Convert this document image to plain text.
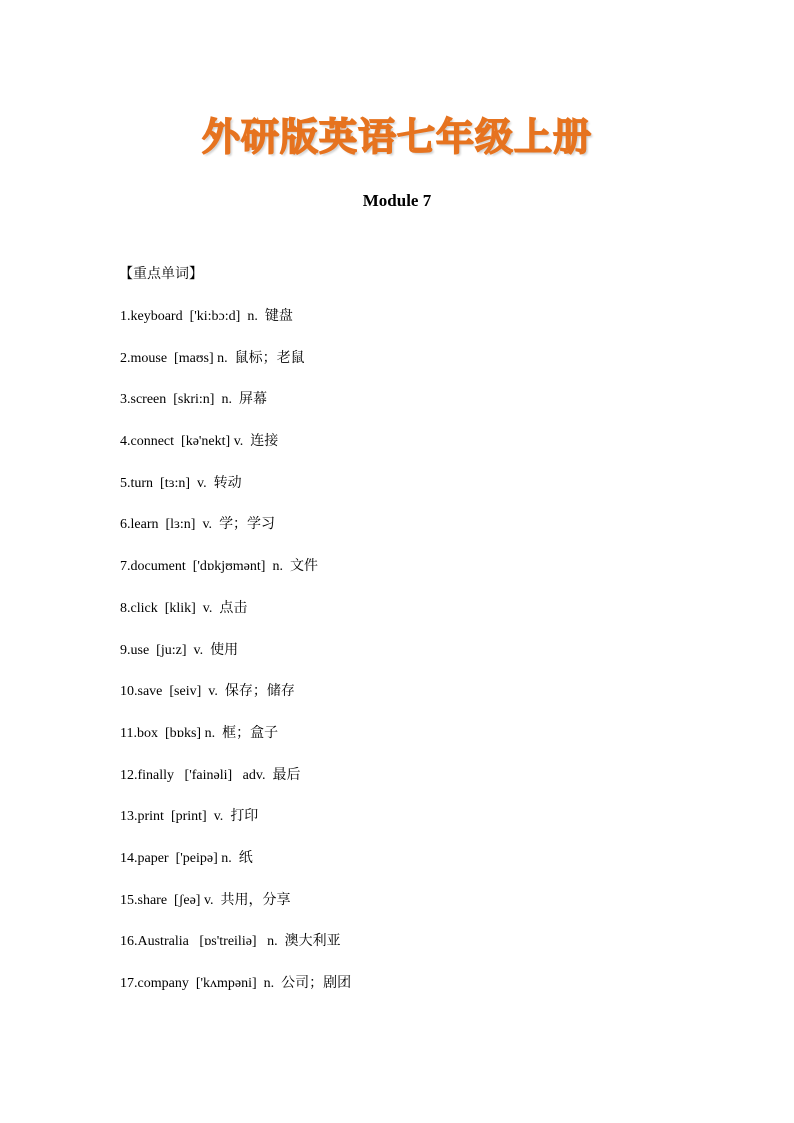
外研版英语七年级上册
Module 7
【重点单词】
1.keyboard  ['ki:bɔ:d]  n.  键盘
2.mouse  [maʊs] n.  鼠标；老鼠
3.screen  [skri:n]  n.  屏幕
4.connect  [kə'nekt] v.  连接
5.turn  [tɜ:n]  v.  转动
6.learn  [lɜ:n]  v.  学；学习
7.document  ['dɒkjʊmənt]  n.  文件
8.click  [klik]  v.  点击
9.use  [ju:z]  v.  使用
10.save  [seiv]  v.  保存；储存
11.box  [bɒks] n.  框；盒子
12.finally   ['fainəli]   adv.  最后
13.print  [print]  v.  打印
14.paper  ['peipə] n.  纸
15.share  [ʃeə] v.  共用，分享
16.Australia   [ɒs'treiliə]   n.  澳大利亚
17.company  ['kʌmpəni]  n.  公司；剧团
